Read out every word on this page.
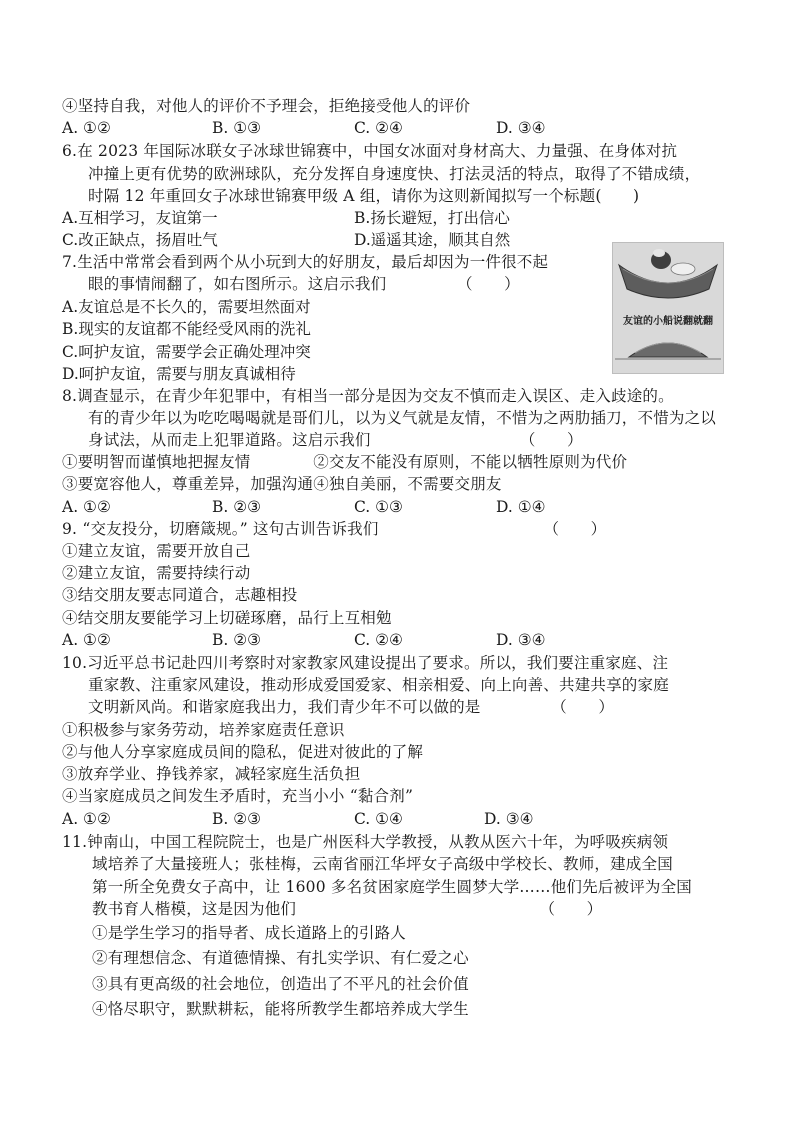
④坚持自我，对他人的评价不予理会，拒绝接受他人的评价
A. ①②	B. ①③	C. ②④	D. ③④
6.在 2023 年国际冰联女子冰球世锦赛中，中国女冰面对身材高大、力量强、在身体对抗
冲撞上更有优势的欧洲球队，充分发挥自身速度快、打法灵活的特点，取得了不错成绩，
时隔 12 年重回女子冰球世锦赛甲级 A 组，请你为这则新闻拟写一个标题(　　)
A.互相学习，友谊第一	B.扬长避短，打出信心
C.改正缺点，扬眉吐气	D.遥遥其途，顺其自然
7.生活中常常会看到两个从小玩到大的好朋友，最后却因为一件很不起
眼的事情闹翻了，如右图所示。这启示我们　　　　　（　　）
A.友谊总是不长久的，需要坦然面对
B.现实的友谊都不能经受风雨的洗礼
C.呵护友谊，需要学会正确处理冲突
D.呵护友谊，需要与朋友真诚相待
友谊的小船说翻就翻
8.调查显示，在青少年犯罪中，有相当一部分是因为交友不慎而走入误区、走入歧途的。
有的青少年以为吃吃喝喝就是哥们儿，以为义气就是友情，不惜为之两肋插刀，不惜为之以
身试法，从而走上犯罪道路。这启示我们　　　　　　　　　　（　　）
①要明智而谨慎地把握友情　　　　②交友不能没有原则，不能以牺牲原则为代价
③要宽容他人，尊重差异，加强沟通④独自美丽，不需要交朋友
A. ①②	B. ②③	C. ①③	D. ①④
9. “交友投分，切磨箴规。” 这句古训告诉我们　　　　　　　　　　　（　　）
①建立友谊，需要开放自己
②建立友谊，需要持续行动
③结交朋友要志同道合，志趣相投
④结交朋友要能学习上切磋琢磨，品行上互相勉
A. ①②	B. ②③	C. ②④	D. ③④
10.习近平总书记赴四川考察时对家教家风建设提出了要求。所以，我们要注重家庭、注
重家教、注重家风建设，推动形成爱国爱家、相亲相爱、向上向善、共建共享的家庭
文明新风尚。和谐家庭我出力，我们青少年不可以做的是　　　　　（　　）
①积极参与家务劳动，培养家庭责任意识
②与他人分享家庭成员间的隐私，促进对彼此的了解
③放弃学业、挣钱养家，减轻家庭生活负担
④当家庭成员之间发生矛盾时，充当小小 “黏合剂”
A. ①②	B. ②③	C. ①④	D. ③④
11.钟南山，中国工程院院士，也是广州医科大学教授，从教从医六十年，为呼吸疾病领
域培养了大量接班人；张桂梅，云南省丽江华坪女子高级中学校长、教师，建成全国
第一所全免费女子高中，让 1600 多名贫困家庭学生圆梦大学……他们先后被评为全国
教书育人楷模，这是因为他们　　　　　　　　　　　　　　　　（　　）
①是学生学习的指导者、成长道路上的引路人
②有理想信念、有道德情操、有扎实学识、有仁爱之心
③具有更高级的社会地位，创造出了不平凡的社会价值
④恪尽职守，默默耕耘，能将所教学生都培养成大学生
